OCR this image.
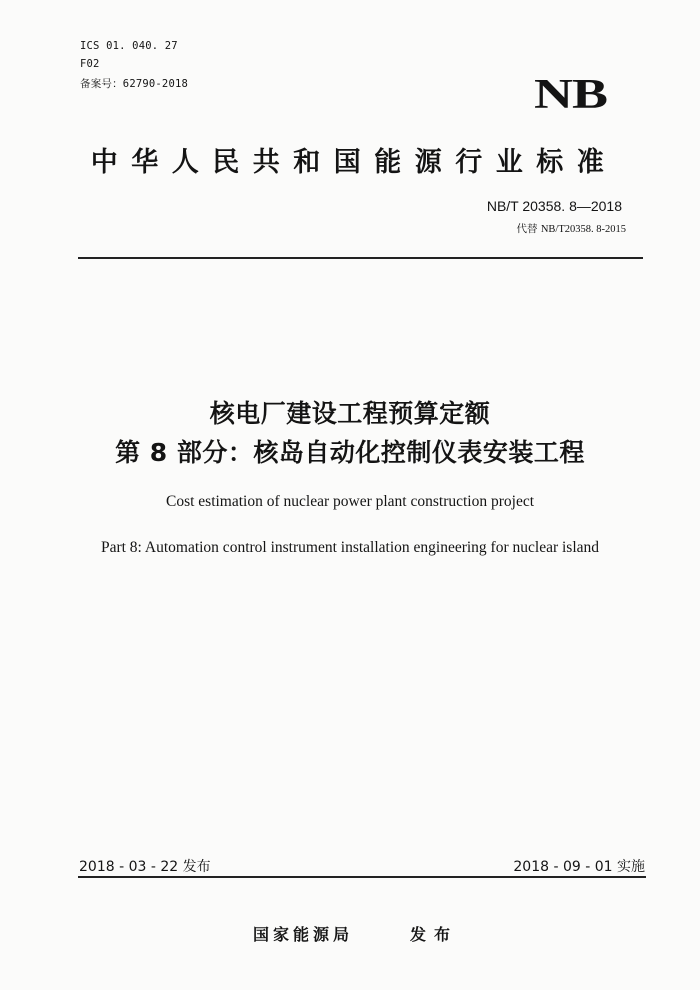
ICS 01. 040. 27
F02
备案号：62790-2018	NB
中华人民共和国能源行业标准
NB/T 20358. 8—2018
代替 NB/T20358. 8-2015
核电厂建设工程预算定额
第 8 部分：核岛自动化控制仪表安装工程
Cost estimation of nuclear power plant construction project
Part 8: Automation control instrument installation engineering for nuclear island
2018 - 03 - 22 发布	2018 - 09 - 01 实施
国家能源局	发布
